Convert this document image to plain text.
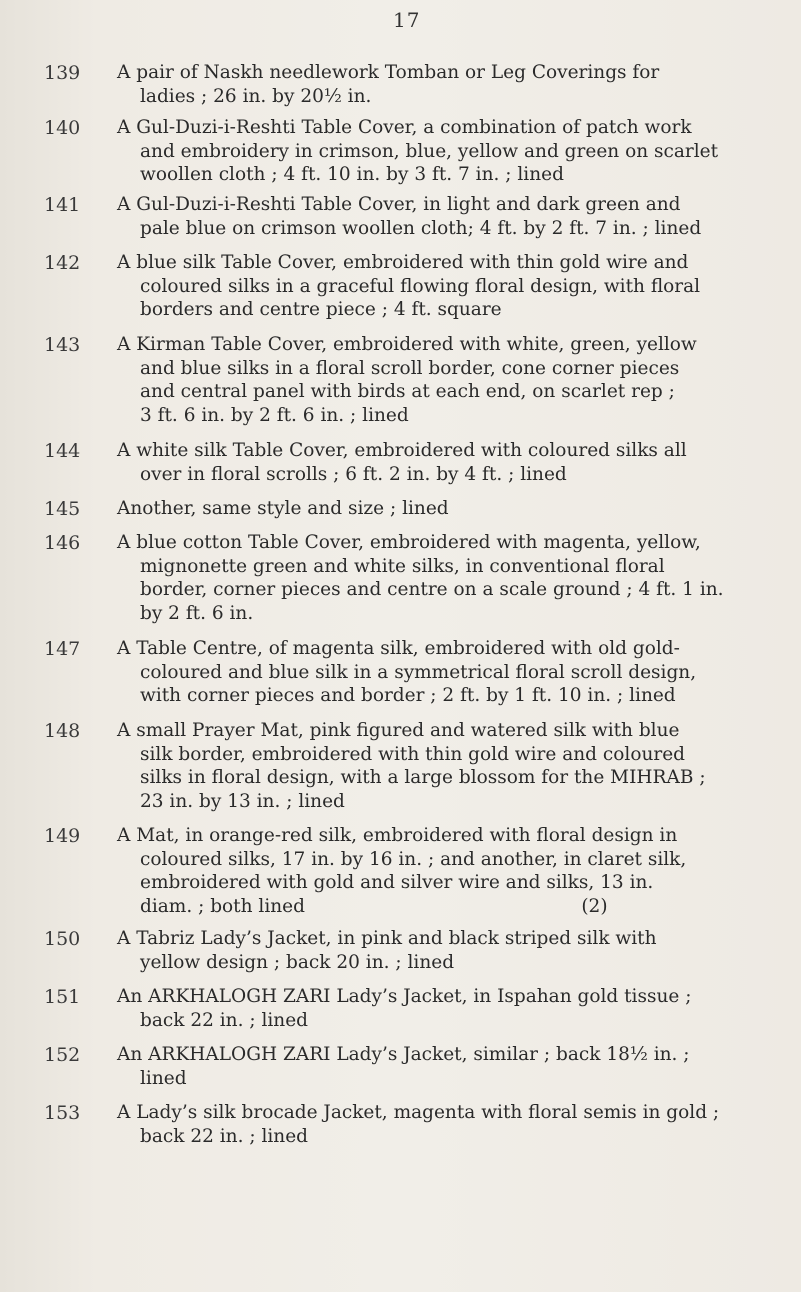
17
139	A pair of Naskh needlework Tomban or Leg Coverings for
ladies ; 26 in. by 20½ in.
140	A Gul-Duzi-i-Reshti Table Cover, a combination of patch work
and embroidery in crimson, blue, yellow and green on scarlet
woollen cloth ; 4 ft. 10 in. by 3 ft. 7 in. ; lined
141	A Gul-Duzi-i-Reshti Table Cover, in light and dark green and
pale blue on crimson woollen cloth; 4 ft. by 2 ft. 7 in. ; lined
142	A blue silk Table Cover, embroidered with thin gold wire and
coloured silks in a graceful flowing floral design, with floral
borders and centre piece ; 4 ft. square
143	A Kirman Table Cover, embroidered with white, green, yellow
and blue silks in a floral scroll border, cone corner pieces
and central panel with birds at each end, on scarlet rep ;
3 ft. 6 in. by 2 ft. 6 in. ; lined
144	A white silk Table Cover, embroidered with coloured silks all
over in floral scrolls ; 6 ft. 2 in. by 4 ft. ; lined
145	Another, same style and size ; lined
146	A blue cotton Table Cover, embroidered with magenta, yellow,
mignonette green and white silks, in conventional floral
border, corner pieces and centre on a scale ground ; 4 ft. 1 in.
by 2 ft. 6 in.
147	A Table Centre, of magenta silk, embroidered with old gold-
coloured and blue silk in a symmetrical floral scroll design,
with corner pieces and border ; 2 ft. by 1 ft. 10 in. ; lined
148	A small Prayer Mat, pink figured and watered silk with blue
silk border, embroidered with thin gold wire and coloured
silks in floral design, with a large blossom for the MIHRAB ;
23 in. by 13 in. ; lined
149	A Mat, in orange-red silk, embroidered with floral design in
coloured silks, 17 in. by 16 in. ; and another, in claret silk,
embroidered with gold and silver wire and silks, 13 in.
diam. ; both lined                                               (2)
150	A Tabriz Lady’s Jacket, in pink and black striped silk with
yellow design ; back 20 in. ; lined
151	An ARKHALOGH ZARI Lady’s Jacket, in Ispahan gold tissue ;
back 22 in. ; lined
152	An ARKHALOGH ZARI Lady’s Jacket, similar ; back 18½ in. ;
lined
153	A Lady’s silk brocade Jacket, magenta with floral semis in gold ;
back 22 in. ; lined
